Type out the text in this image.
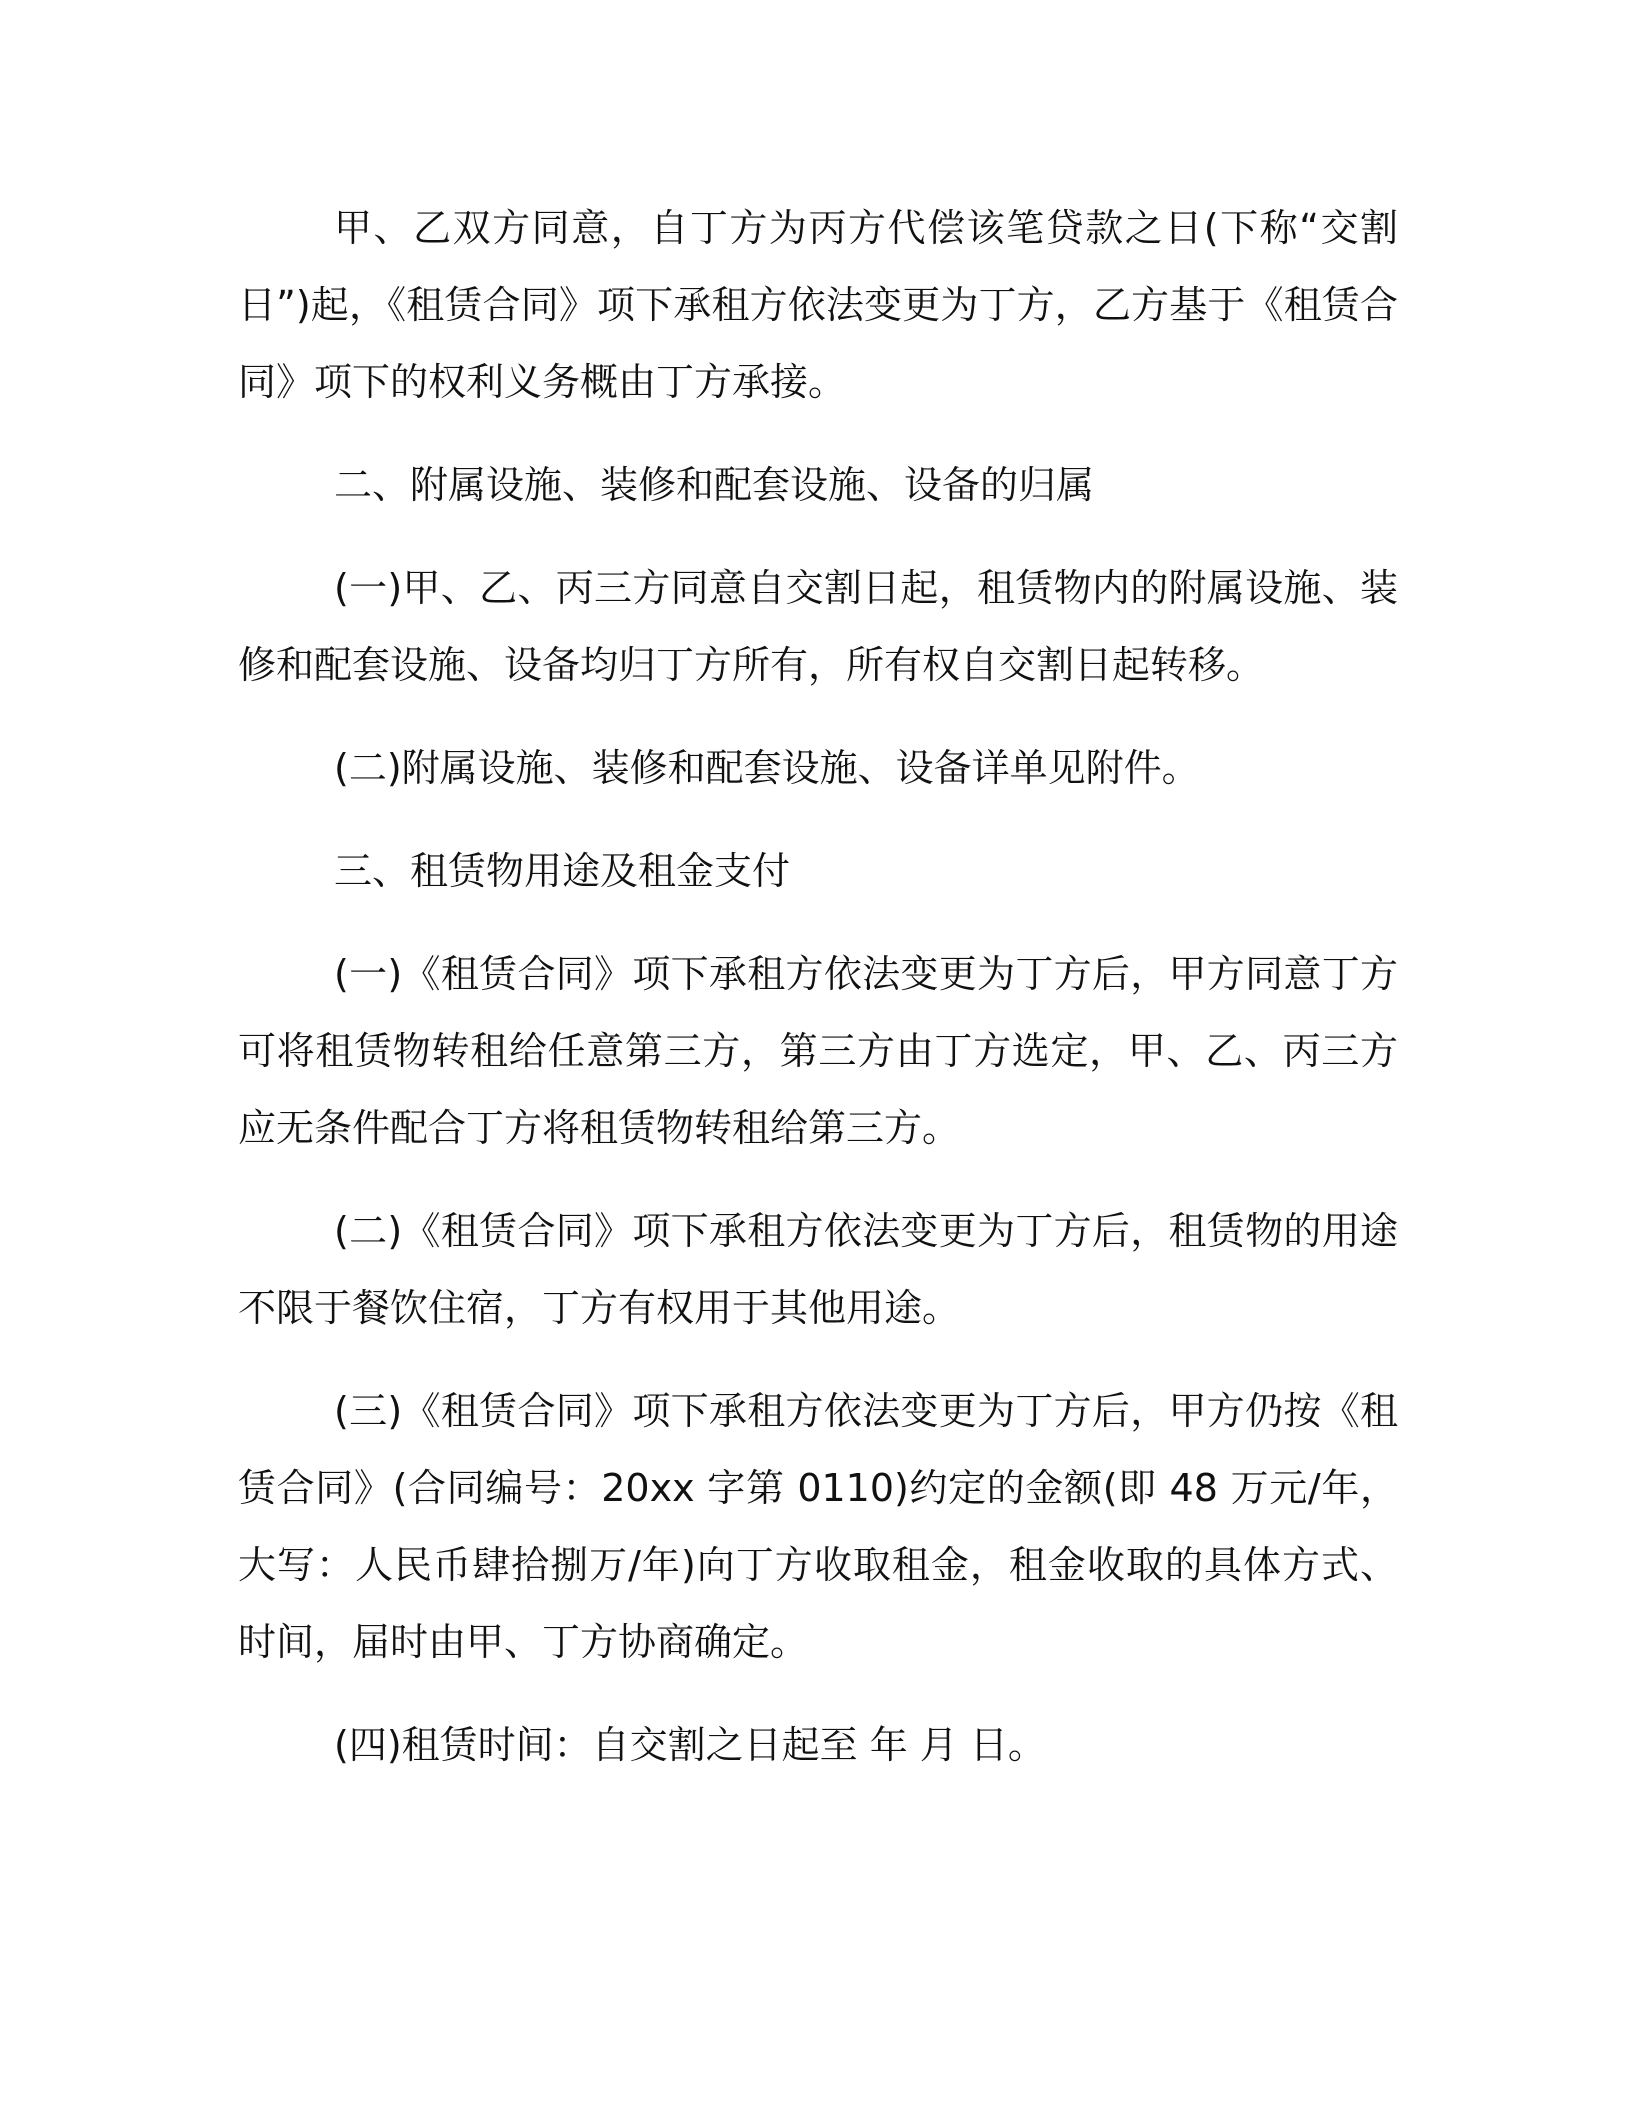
甲、乙双方同意，自丁方为丙方代偿该笔贷款之日(下称“交割日”)起，《租赁合同》项下承租方依法变更为丁方，乙方基于《租赁合同》项下的权利义务概由丁方承接。

二、附属设施、装修和配套设施、设备的归属

(一)甲、乙、丙三方同意自交割日起，租赁物内的附属设施、装修和配套设施、设备均归丁方所有，所有权自交割日起转移。

(二)附属设施、装修和配套设施、设备详单见附件。

三、租赁物用途及租金支付

(一)《租赁合同》项下承租方依法变更为丁方后，甲方同意丁方可将租赁物转租给任意第三方，第三方由丁方选定，甲、乙、丙三方应无条件配合丁方将租赁物转租给第三方。

(二)《租赁合同》项下承租方依法变更为丁方后，租赁物的用途不限于餐饮住宿，丁方有权用于其他用途。

(三)《租赁合同》项下承租方依法变更为丁方后，甲方仍按《租赁合同》(合同编号：20xx 字第 0110)约定的金额(即 48 万元/年，大写：人民币肆拾捌万/年)向丁方收取租金，租金收取的具体方式、时间，届时由甲、丁方协商确定。

(四)租赁时间：自交割之日起至 年 月 日。
